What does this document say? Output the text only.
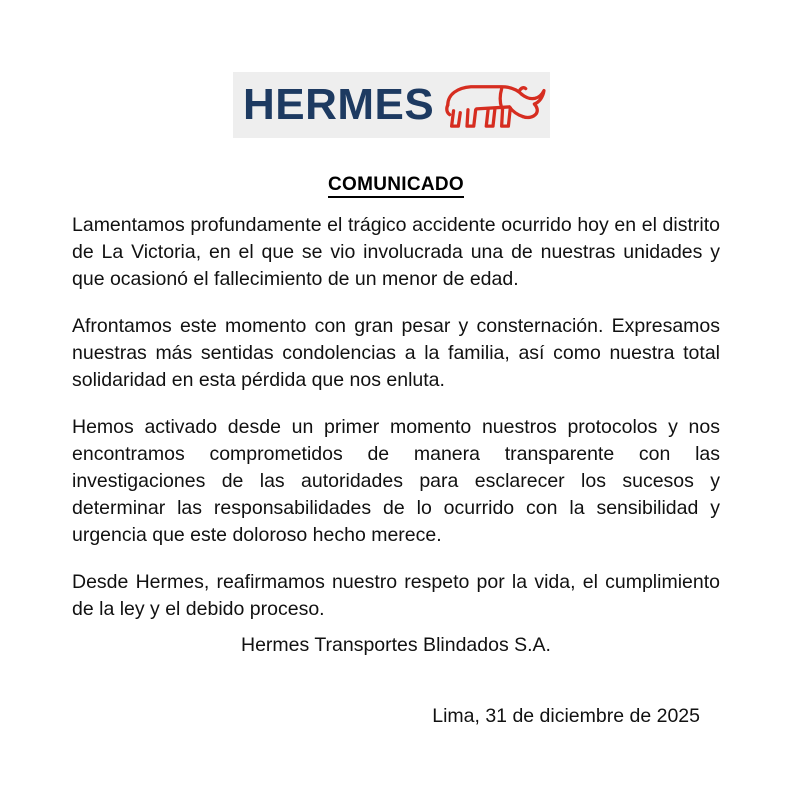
HERMES
COMUNICADO

Lamentamos profundamente el trágico accidente ocurrido hoy en el distrito de La Victoria, en el que se vio involucrada una de nuestras unidades y que ocasionó el fallecimiento de un menor de edad.

Afrontamos este momento con gran pesar y consternación. Expresamos nuestras más sentidas condolencias a la familia, así como nuestra total solidaridad en esta pérdida que nos enluta.

Hemos activado desde un primer momento nuestros protocolos y nos encontramos comprometidos de manera transparente con las investigaciones de las autoridades para esclarecer los sucesos y determinar las responsabilidades de lo ocurrido con la sensibilidad y urgencia que este doloroso hecho merece.

Desde Hermes, reafirmamos nuestro respeto por la vida, el cumplimiento de la ley y el debido proceso.

Hermes Transportes Blindados S.A.
Lima, 31 de diciembre de 2025
